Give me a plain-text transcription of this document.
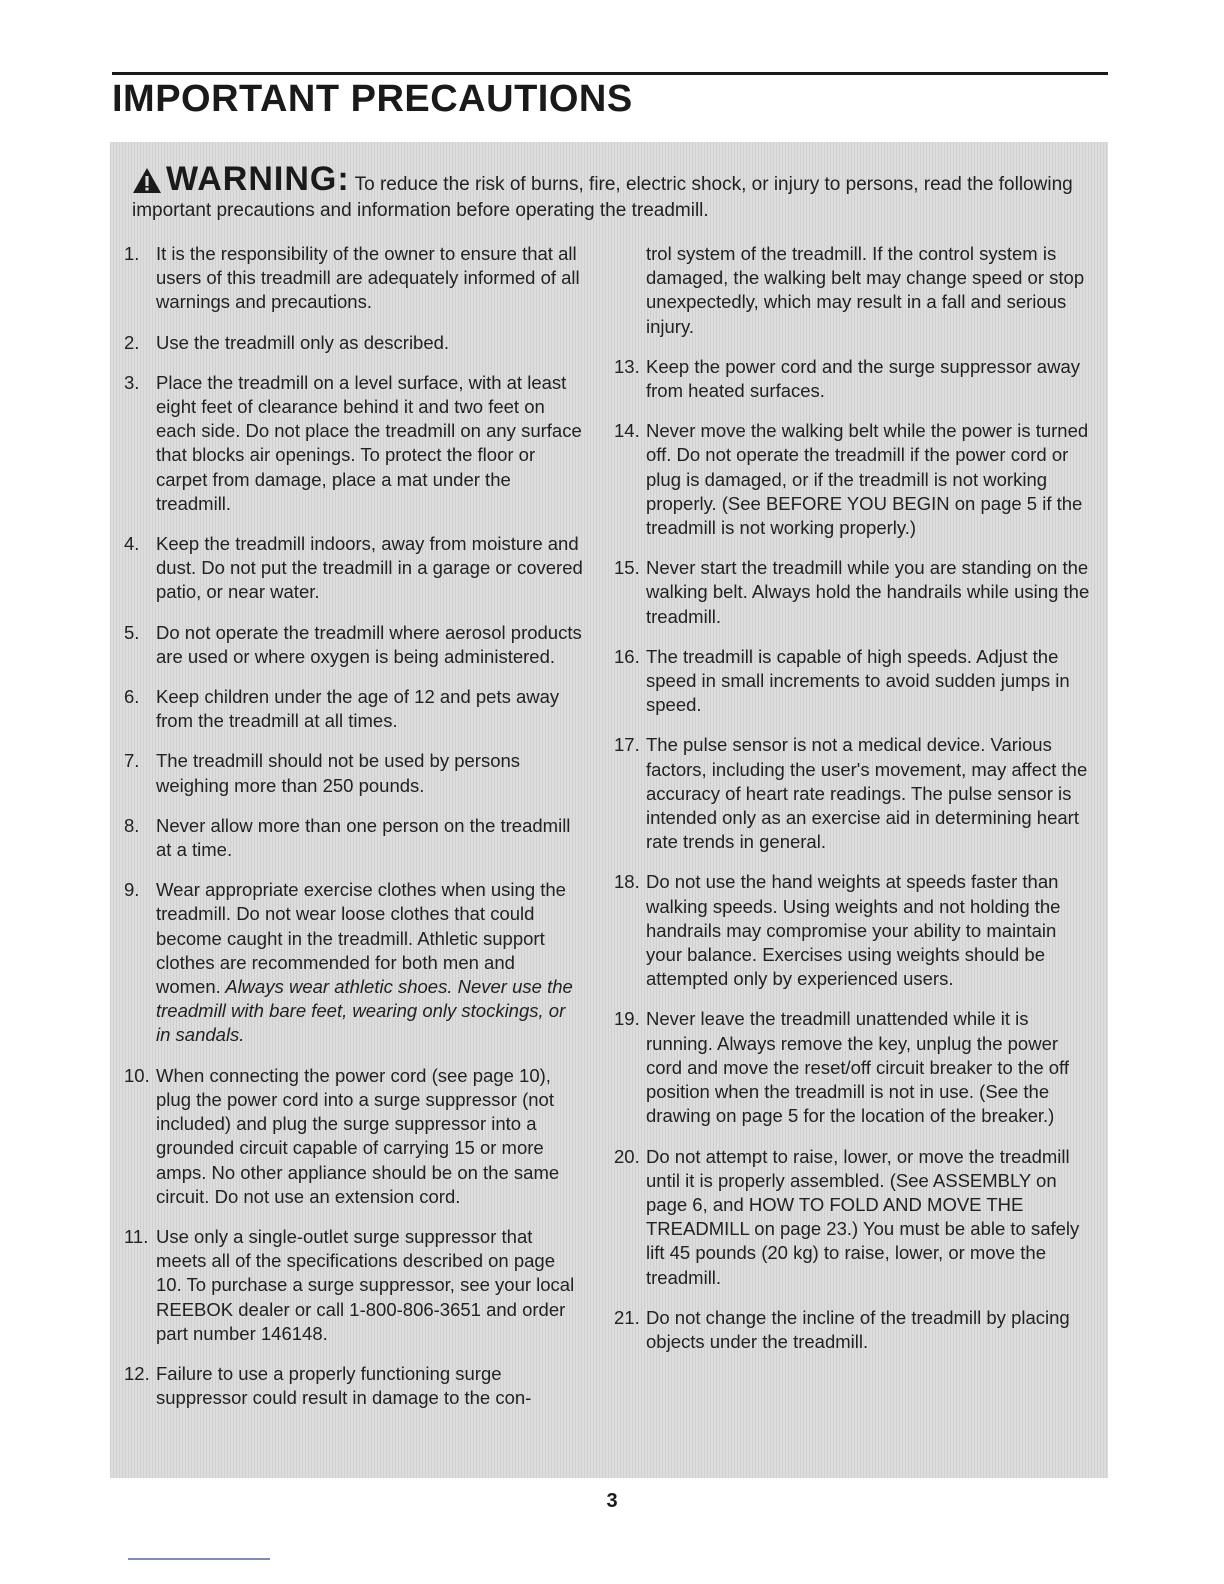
IMPORTANT PRECAUTIONS
WARNING: To reduce the risk of burns, fire, electric shock, or injury to persons, read the following important precautions and information before operating the treadmill.
1. It is the responsibility of the owner to ensure that all users of this treadmill are adequately informed of all warnings and precautions.
2. Use the treadmill only as described.
3. Place the treadmill on a level surface, with at least eight feet of clearance behind it and two feet on each side. Do not place the treadmill on any surface that blocks air openings. To protect the floor or carpet from damage, place a mat under the treadmill.
4. Keep the treadmill indoors, away from moisture and dust. Do not put the treadmill in a garage or covered patio, or near water.
5. Do not operate the treadmill where aerosol products are used or where oxygen is being administered.
6. Keep children under the age of 12 and pets away from the treadmill at all times.
7. The treadmill should not be used by persons weighing more than 250 pounds.
8. Never allow more than one person on the treadmill at a time.
9. Wear appropriate exercise clothes when using the treadmill. Do not wear loose clothes that could become caught in the treadmill. Athletic support clothes are recommended for both men and women. Always wear athletic shoes. Never use the treadmill with bare feet, wearing only stockings, or in sandals.
10. When connecting the power cord (see page 10), plug the power cord into a surge suppressor (not included) and plug the surge suppressor into a grounded circuit capable of carrying 15 or more amps. No other appliance should be on the same circuit. Do not use an extension cord.
11. Use only a single-outlet surge suppressor that meets all of the specifications described on page 10. To purchase a surge suppressor, see your local REEBOK dealer or call 1-800-806-3651 and order part number 146148.
12. Failure to use a properly functioning surge suppressor could result in damage to the con-
trol system of the treadmill. If the control system is damaged, the walking belt may change speed or stop unexpectedly, which may result in a fall and serious injury.
13. Keep the power cord and the surge suppressor away from heated surfaces.
14. Never move the walking belt while the power is turned off. Do not operate the treadmill if the power cord or plug is damaged, or if the treadmill is not working properly. (See BEFORE YOU BEGIN on page 5 if the treadmill is not working properly.)
15. Never start the treadmill while you are standing on the walking belt. Always hold the handrails while using the treadmill.
16. The treadmill is capable of high speeds. Adjust the speed in small increments to avoid sudden jumps in speed.
17. The pulse sensor is not a medical device. Various factors, including the user's movement, may affect the accuracy of heart rate readings. The pulse sensor is intended only as an exercise aid in determining heart rate trends in general.
18. Do not use the hand weights at speeds faster than walking speeds. Using weights and not holding the handrails may compromise your ability to maintain your balance. Exercises using weights should be attempted only by experienced users.
19. Never leave the treadmill unattended while it is running. Always remove the key, unplug the power cord and move the reset/off circuit breaker to the off position when the treadmill is not in use. (See the drawing on page 5 for the location of the breaker.)
20. Do not attempt to raise, lower, or move the treadmill until it is properly assembled. (See ASSEMBLY on page 6, and HOW TO FOLD AND MOVE THE TREADMILL on page 23.) You must be able to safely lift 45 pounds (20 kg) to raise, lower, or move the treadmill.
21. Do not change the incline of the treadmill by placing objects under the treadmill.
3
